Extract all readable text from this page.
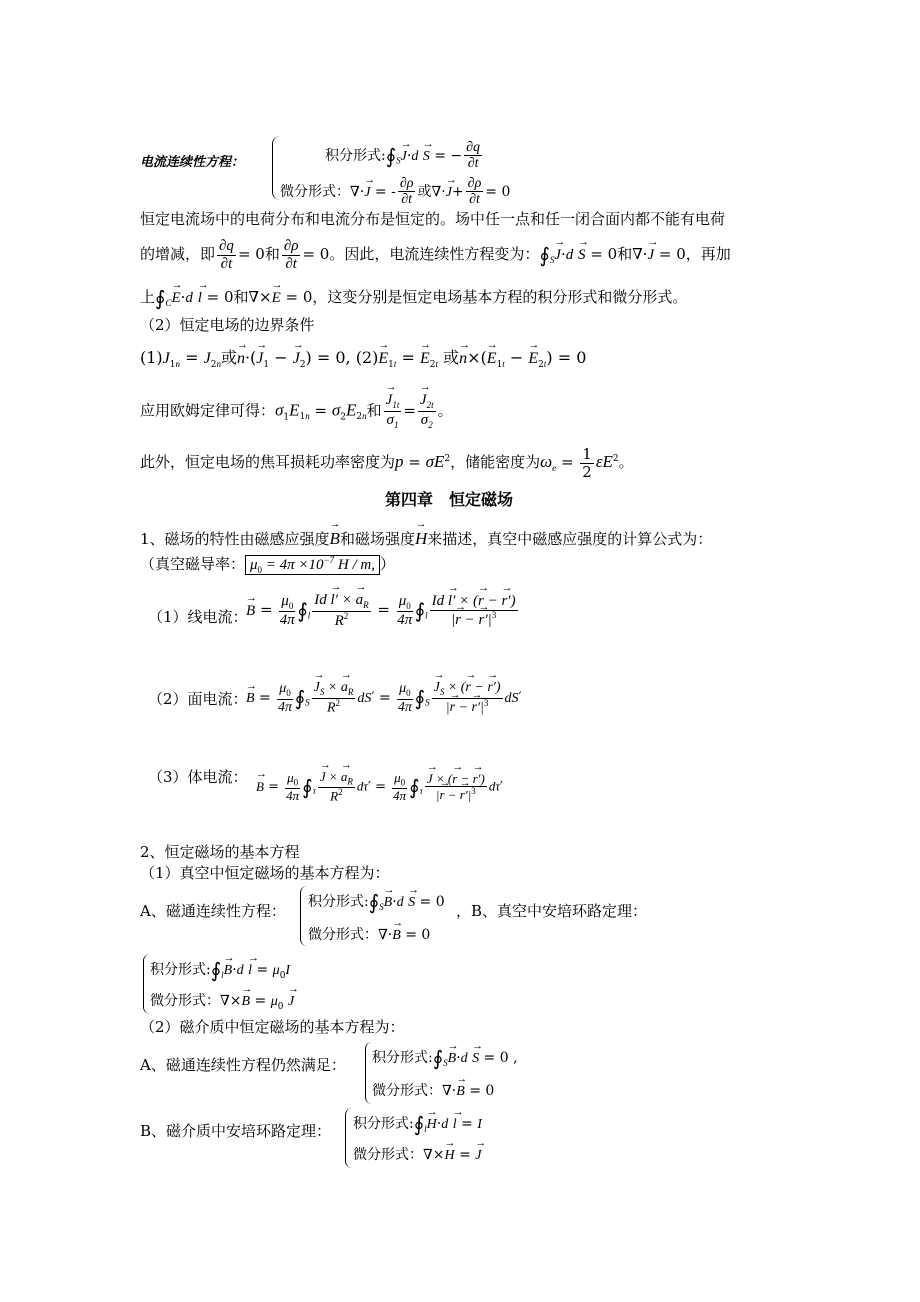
电流连续性方程：	积分形式$:∮_S\to J\cdot d \to S$ = − $\frac{\partial q}{\partial t}$
微分形式：∇·→ J = - $\frac{\partial\rho}{\partial t}$ 或∇·→ $J+ \frac{\partial\rho}{\partial t} = 0$
恒定电流场中的电荷分布和电流分布是恒定的。场中任一点和任一闭合面内都不能有电荷
的增减，即 $\frac{\partial q}{\partial t} = 0$和 $\frac{\partial\rho}{\partial t} = 0$。因此，电流连续性方程变为：$∮_S\to J\cdot d \to S = 0$和∇·→ J = 0，再加
上$∮_C\to E\cdot d \to l = 0$和∇×→ E = 0，这变分别是恒定电场基本方程的积分形式和微分形式。
（2）恒定电场的边界条件
$(1)J_{1n} = J_{2n}$或→ $n\cdot(\to J_1$ − → $J_2) = 0$, $(2)\to E_{1t}$ = → $E_{2t}$ 或→ $n\times(\to E_{1t}$ − → $E_{2t}) = 0$
应用欧姆定律可得：$\sigma_1E_{1n} = \sigma_2E_{2n}$和
→ $\frac{J_{1t}}{\sigma_1}$ =
→ $\frac{J_{2t}}{\sigma_2}$ 。
此外，恒定电场的焦耳损耗功率密度为$p = \sigma E^2$，储能密度为$\omega_e = \frac{1}{2} \varepsilon E^2$。
第四章　恒定磁场
1、磁场的特性由磁感应强度→ B和磁场强度→ H来描述，真空中磁感应强度的计算公式为：
（真空磁导率： $\mu_0 = 4\pi \times 10^{-7}$ H / m, ）
（1）线电流：
→ $B = \frac{\mu_0}{4\pi}$ $∮_l \frac{Id \to l' \times \to a_R}{R^2} = \frac{\mu_0}{4\pi}$ $∮_l \frac{Id \to l' \times (\to r - \to r')}{|\to r - \to r'|^3}$
（2）面电流：
→ $B = \frac{\mu_0}{4\pi}$ $∮_S$
→ $\frac{J_S \times \to a_R}{R^2} dS' = \frac{\mu_0}{4\pi}$ $∮_S$
→ $\frac{J_S \times (\to r - \to r')}{|\to r - \to r'|^3} dS'$
（3）体电流：
→ $B = \frac{\mu_0}{4\pi}$ $∮_\tau$
→ $\frac{J \times \to a_R}{R^2} d\tau' = \frac{\mu_0}{4\pi}$ $∮_\tau$
→ $\frac{J \times (\to r - \to r')}{|\to r - \to r'|^3} d\tau'$
2、恒定磁场的基本方程
（1）真空中恒定磁场的基本方程为：
A、磁通连续性方程： 积分形式$:∮_S\to B\cdot d \to S = 0$ ，B、真空中安培环路定理：
微分形式：∇·→ B = 0
积分形式$:∮_l\to B\cdot d \to l = \mu_0I$
微分形式：∇×→ $B = \mu_0 \to J$
（2）磁介质中恒定磁场的基本方程为：
A、磁通连续性方程仍然满足： 积分形式$:∮_S\to B\cdot d \to S = 0$ ,
微分形式：∇·→ B = 0
B、磁介质中安培环路定理： 积分形式$:∮_l\to H\cdot d \to l = I$
微分形式：∇×→ H = → J
